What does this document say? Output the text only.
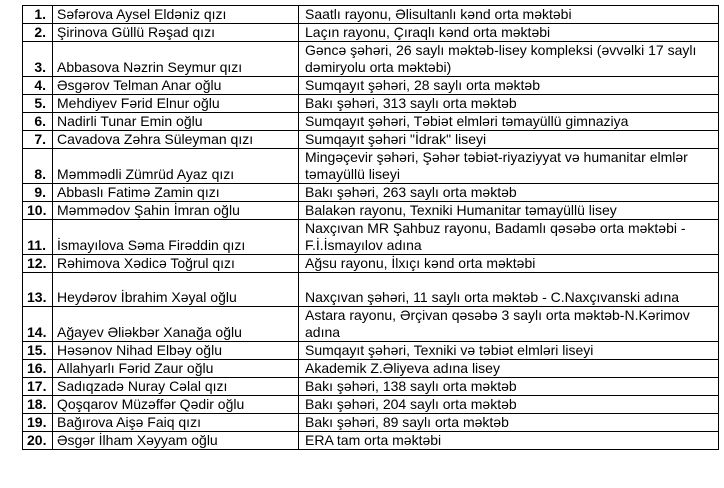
1.	Səfərova Aysel Eldəniz qızı	Saatlı rayonu, Əlisultanlı kənd orta məktəbi
2.	Şirinova Güllü Rəşad qızı	Laçın rayonu, Çıraqlı kənd orta məktəbi
3.	Abbasova Nəzrin Seymur qızı	Gəncə şəhəri, 26 saylı məktəb-lisey kompleksi (əvvəlki 17 saylı dəmiryolu orta məktəbi)
4.	Əsgərov Telman Anar oğlu	Sumqayıt şəhəri, 28 saylı orta məktəb
5.	Mehdiyev Fərid Elnur oğlu	Bakı şəhəri, 313 saylı orta məktəb
6.	Nadirli Tunar Emin oğlu	Sumqayıt şəhəri, Təbiət elmləri təmayüllü gimnaziya
7.	Cavadova Zəhra Süleyman qızı	Sumqayıt şəhəri "İdrak" liseyi
8.	Məmmədli Zümrüd Ayaz qızı	Mingəçevir şəhəri, Şəhər təbiət-riyaziyyat və humanitar elmlər təmayüllü liseyi
9.	Abbaslı Fatimə Zamin qızı	Bakı şəhəri, 263 saylı orta məktəb
10.	Məmmədov Şahin İmran oğlu	Balakən rayonu, Texniki Humanitar təmayüllü lisey
11.	İsmayılova Səma Firəddin qızı	Naxçıvan MR Şahbuz rayonu, Badamlı qəsəbə orta məktəbi - F.İ.İsmayılov adına
12.	Rəhimova Xədicə Toğrul qızı	Ağsu rayonu, İlxıçı kənd orta məktəbi
13.	Heydərov İbrahim Xəyal oğlu	Naxçıvan şəhəri, 11 saylı orta məktəb - C.Naxçıvanski adına
14.	Ağayev Əliəkbər Xanağa oğlu	Astara rayonu, Ərçivan qəsəbə 3 saylı orta məktəb-N.Kərimov adına
15.	Həsənov Nihad Elbəy oğlu	Sumqayıt şəhəri, Texniki və təbiət elmləri liseyi
16.	Allahyarlı Fərid Zaur oğlu	Akademik Z.Əliyeva adına lisey
17.	Sadıqzadə Nuray Cəlal qızı	Bakı şəhəri, 138 saylı orta məktəb
18.	Qoşqarov Müzəffər Qədir oğlu	Bakı şəhəri, 204 saylı orta məktəb
19.	Bağırova Aişə Faiq qızı	Bakı şəhəri, 89 saylı orta məktəb
20.	Əsgər İlham Xəyyam oğlu	ERA tam orta məktəbi
